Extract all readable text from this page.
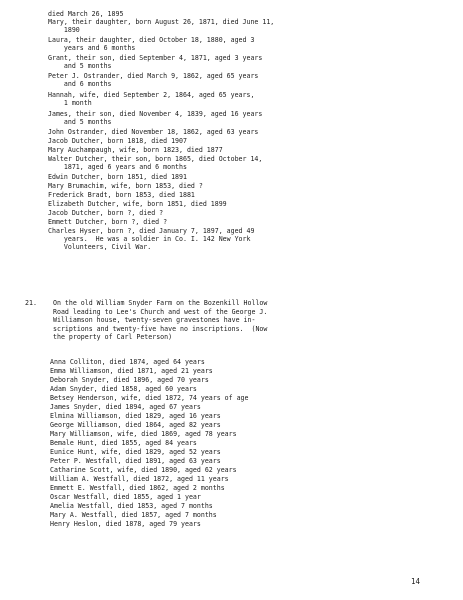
died March 26, 1895
Mary, their daughter, born August 26, 1871, died June 11,
1890
Laura, their daughter, died October 18, 1880, aged 3
years and 6 months
Grant, their son, died September 4, 1871, aged 3 years
and 5 months
Peter J. Ostrander, died March 9, 1862, aged 65 years
and 6 months
Hannah, wife, died September 2, 1864, aged 65 years,
1 month
James, their son, died November 4, 1839, aged 16 years
and 5 months
John Ostrander, died November 18, 1862, aged 63 years
Jacob Dutcher, born 1818, died 1907
Mary Auchampaugh, wife, born 1823, died 1877
Walter Dutcher, their son, born 1865, died October 14,
1871, aged 6 years and 6 months
Edwin Dutcher, born 1851, died 1891
Mary Brumachim, wife, born 1853, died ?
Frederick Bradt, born 1853, died 1881
Elizabeth Dutcher, wife, born 1851, died 1899
Jacob Dutcher, born ?, died ?
Emmett Dutcher, born ?, died ?
Charles Hyser, born ?, died January 7, 1897, aged 49
years.  He was a soldier in Co. I. 142 New York
Volunteers, Civil War.
21. On the old William Snyder Farm on the Bozenkill Hollow
Road leading to Lee's Church and west of the George J.
Williamson house, twenty-seven gravestones have in-
scriptions and twenty-five have no inscriptions.  (Now
the property of Carl Peterson)
Anna Colliton, died 1874, aged 64 years
Emma Williamson, died 1871, aged 21 years
Deborah Snyder, died 1896, aged 70 years
Adam Snyder, died 1858, aged 60 years
Betsey Henderson, wife, died 1872, 74 years of age
James Snyder, died 1894, aged 67 years
Elmina Williamson, died 1829, aged 16 years
George Williamson, died 1864, aged 82 years
Mary Williamson, wife, died 1869, aged 78 years
Bemale Hunt, died 1855, aged 84 years
Eunice Hunt, wife, died 1829, aged 52 years
Peter P. Westfall, died 1891, aged 63 years
Catharine Scott, wife, died 1890, aged 62 years
William A. Westfall, died 1872, aged 11 years
Emmett E. Westfall, died 1862, aged 2 months
Oscar Westfall, died 1855, aged 1 year
Amelia Westfall, died 1853, aged 7 months
Mary A. Westfall, died 1857, aged 7 months
Henry Heslon, died 1878, aged 79 years
14
